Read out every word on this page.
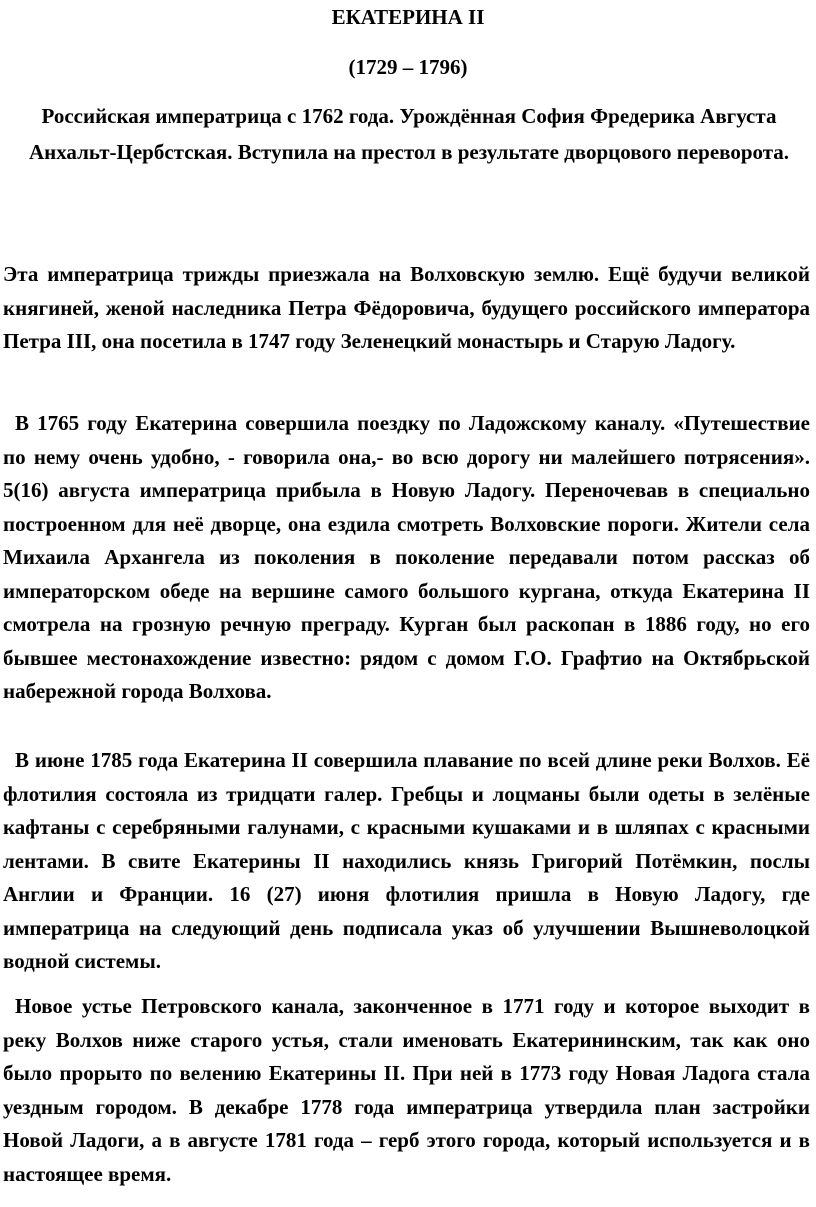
ЕКАТЕРИНА II
(1729 – 1796)

Российская императрица с 1762 года. Урождённая София Фредерика Августа Анхальт-Цербстская. Вступила на престол в результате дворцового переворота.

Эта императрица трижды приезжала на Волховскую землю. Ещё будучи великой княгиней, женой наследника Петра Фёдоровича, будущего российского императора Петра III, она посетила в 1747 году Зеленецкий монастырь и Старую Ладогу.

В 1765 году Екатерина совершила поездку по Ладожскому каналу. «Путешествие по нему очень удобно, - говорила она,- во всю дорогу ни малейшего потрясения». 5(16) августа императрица прибыла в Новую Ладогу. Переночевав в специально построенном для неё дворце, она ездила смотреть Волховские пороги. Жители села Михаила Архангела из поколения в поколение передавали потом рассказ об императорском обеде на вершине самого большого кургана, откуда Екатерина II смотрела на грозную речную преграду. Курган был раскопан в 1886 году, но его бывшее местонахождение известно: рядом с домом Г.О. Графтио на Октябрьской набережной города Волхова.

В июне 1785 года Екатерина II совершила плавание по всей длине реки Волхов. Её флотилия состояла из тридцати галер. Гребцы и лоцманы были одеты в зелёные кафтаны с серебряными галунами, с красными кушаками и в шляпах с красными лентами. В свите Екатерины II находились князь Григорий Потёмкин, послы Англии и Франции. 16 (27) июня флотилия пришла в Новую Ладогу, где императрица на следующий день подписала указ об улучшении Вышневолоцкой водной системы.

Новое устье Петровского канала, законченное в 1771 году и которое выходит в реку Волхов ниже старого устья, стали именовать Екатерининским, так как оно было прорыто по велению Екатерины II. При ней в 1773 году Новая Ладога стала уездным городом. В декабре 1778 года императрица утвердила план застройки Новой Ладоги, а в августе 1781 года – герб этого города, который используется и в настоящее время.
